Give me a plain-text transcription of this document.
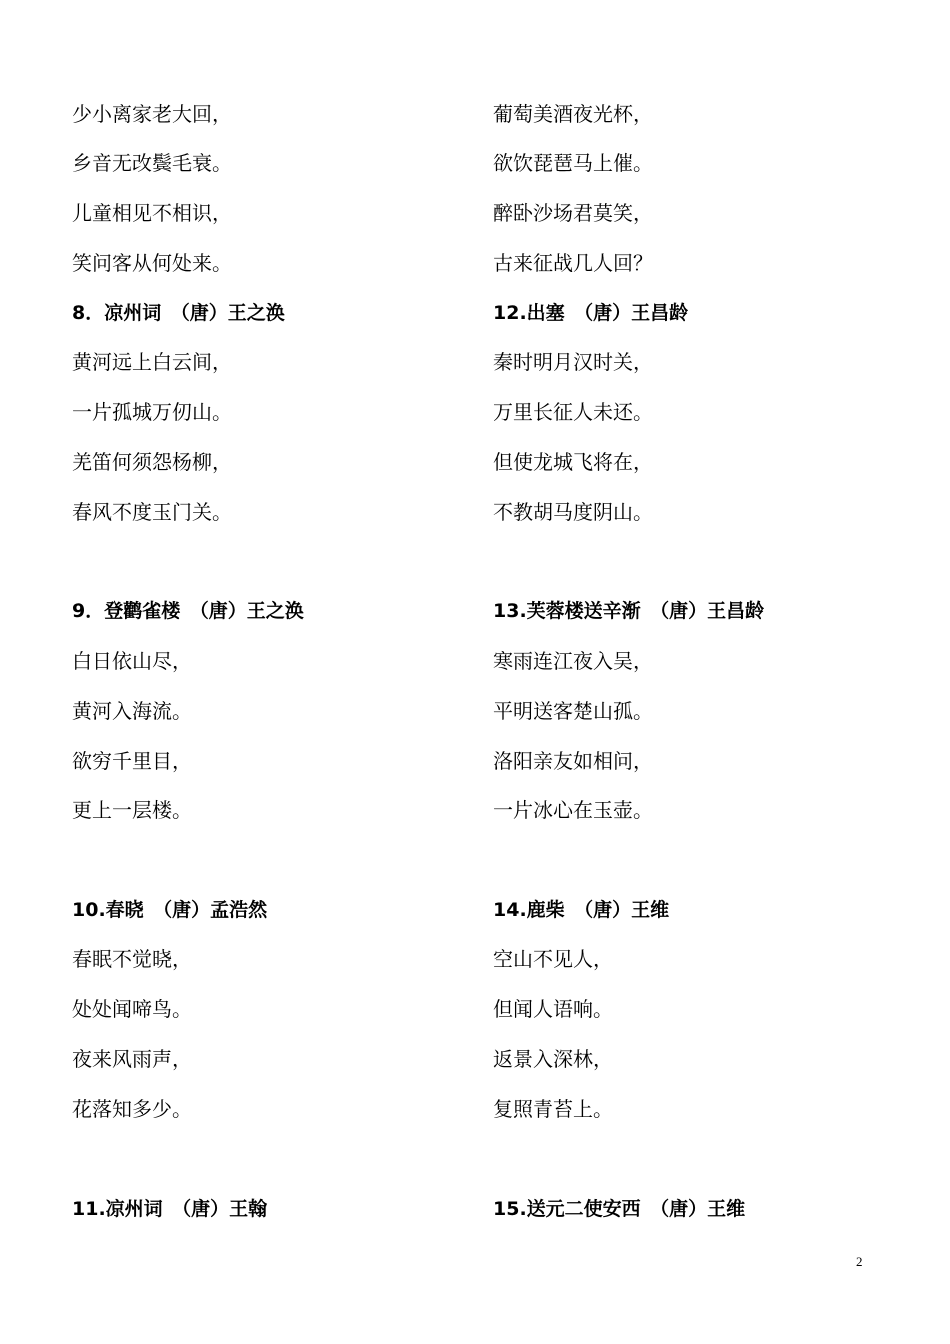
少小离家老大回，
乡音无改鬓毛衰。
儿童相见不相识，
笑问客从何处来。
8．凉州词　（唐）王之涣
黄河远上白云间，
一片孤城万仞山。
羌笛何须怨杨柳，
春风不度玉门关。
9．登鹳雀楼　（唐）王之涣
白日依山尽，
黄河入海流。
欲穷千里目，
更上一层楼。
10.春晓　（唐）孟浩然
春眠不觉晓，
处处闻啼鸟。
夜来风雨声，
花落知多少。
11.凉州词　（唐）王翰
葡萄美酒夜光杯，
欲饮琵琶马上催。
醉卧沙场君莫笑，
古来征战几人回？
12.出塞　（唐）王昌龄
秦时明月汉时关，
万里长征人未还。
但使龙城飞将在，
不教胡马度阴山。
13.芙蓉楼送辛渐　（唐）王昌龄
寒雨连江夜入吴，
平明送客楚山孤。
洛阳亲友如相问，
一片冰心在玉壶。
14.鹿柴　（唐）王维
空山不见人，
但闻人语响。
返景入深林，
复照青苔上。
15.送元二使安西　（唐）王维
2
